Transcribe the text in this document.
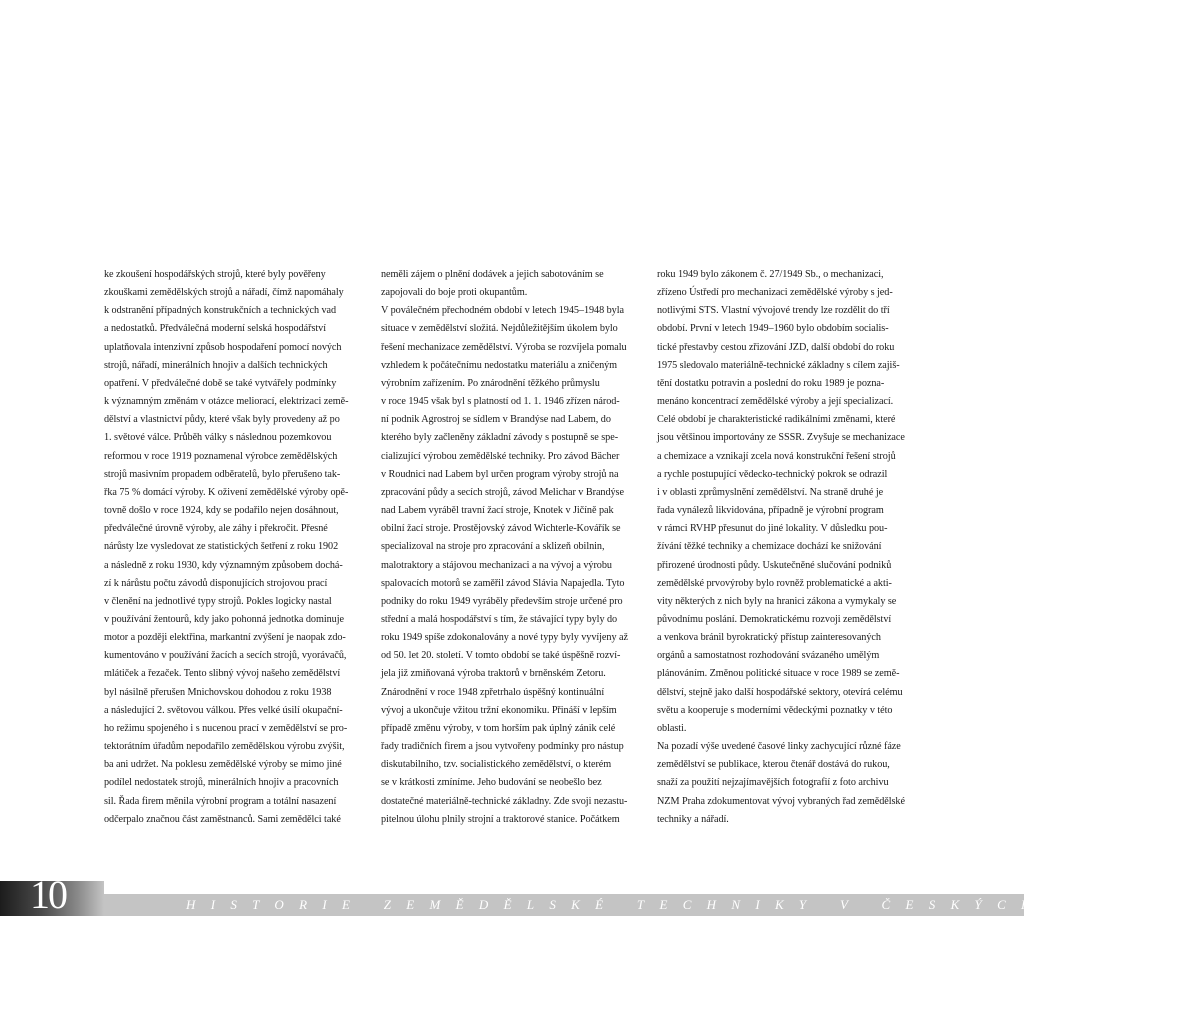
ke zkoušení hospodářských strojů, které byly pověřeny

zkouškami zemědělských strojů a nářadí, čímž napomáhaly

k odstranění případných konstrukčních a technických vad

a nedostatků. Předválečná moderní selská hospodářství

uplatňovala intenzivní způsob hospodaření pomocí nových

strojů, nářadí, minerálních hnojiv a dalších technických

opatření. V předválečné době se také vytvářely podmínky

k významným změnám v otázce meliorací, elektrizaci země-

dělství a vlastnictví půdy, které však byly provedeny až po

1. světové válce. Průběh války s následnou pozemkovou

reformou v roce 1919 poznamenal výrobce zemědělských

strojů masivním propadem odběratelů, bylo přerušeno tak-

řka 75 % domácí výroby. K oživení zemědělské výroby opě-

tovně došlo v roce 1924, kdy se podařilo nejen dosáhnout,

předválečné úrovně výroby, ale záhy i překročit. Přesné

nárůsty lze vysledovat ze statistických šetření z roku 1902

a následně z roku 1930, kdy významným způsobem dochá-

zí k nárůstu počtu závodů disponujících strojovou prací

v členění na jednotlivé typy strojů. Pokles logicky nastal

v používání žentourů, kdy jako pohonná jednotka dominuje

motor a později elektřina, markantní zvýšení je naopak zdo-

kumentováno v používání žacích a secích strojů, vyorávačů,

mlátiček a řezaček. Tento slibný vývoj našeho zemědělství

byl násilně přerušen Mnichovskou dohodou z roku 1938

a následující 2. světovou válkou. Přes velké úsilí okupační-

ho režimu spojeného i s nucenou prací v zemědělství se pro-

tektorátním úřadům nepodařilo zemědělskou výrobu zvýšit,

ba ani udržet. Na poklesu zemědělské výroby se mimo jiné

podílel nedostatek strojů, minerálních hnojiv a pracovních

sil. Řada firem měnila výrobní program a totální nasazení

odčerpalo značnou část zaměstnanců. Sami zemědělci také

neměli zájem o plnění dodávek a jejich sabotováním se

zapojovali do boje proti okupantům.

V poválečném přechodném období v letech 1945–1948 byla

situace v zemědělství složitá. Nejdůležitějším úkolem bylo

řešení mechanizace zemědělství. Výroba se rozvíjela pomalu

vzhledem k počátečnímu nedostatku materiálu a zničeným

výrobním zařízením. Po znárodnění těžkého průmyslu

v roce 1945 však byl s platností od 1. 1. 1946 zřízen národ-

ní podnik Agrostroj se sídlem v Brandýse nad Labem, do

kterého byly začleněny základní závody s postupně se spe-

cializující výrobou zemědělské techniky. Pro závod Bächer

v Roudnici nad Labem byl určen program výroby strojů na

zpracování půdy a secích strojů, závod Melichar v Brandýse

nad Labem vyráběl travní žací stroje, Knotek v Jičíně pak

obilní žací stroje. Prostějovský závod Wichterle-Kovářík se

specializoval na stroje pro zpracování a sklizeň obilnin,

malotraktory a stájovou mechanizaci a na vývoj a výrobu

spalovacích motorů se zaměřil závod Slávia Napajedla. Tyto

podniky do roku 1949 vyráběly především stroje určené pro

střední a malá hospodářství s tím, že stávající typy byly do

roku 1949 spíše zdokonalovány a nové typy byly vyvíjeny až

od 50. let 20. století. V tomto období se také úspěšně rozví-

jela již zmiňovaná výroba traktorů v brněnském Zetoru.

Znárodnění v roce 1948 zpřetrhalo úspěšný kontinuální

vývoj a ukončuje vžitou tržní ekonomiku. Přináší v lepším

případě změnu výroby, v tom horším pak úplný zánik celé

řady tradičních firem a jsou vytvořeny podmínky pro nástup

diskutabilního, tzv. socialistického zemědělství, o kterém

se v krátkosti zmíníme. Jeho budování se neobešlo bez

dostatečné materiálně-technické základny. Zde svoji nezastu-

pitelnou úlohu plnily strojní a traktorové stanice. Počátkem

roku 1949 bylo zákonem č. 27/1949 Sb., o mechanizaci,

zřízeno Ústředí pro mechanizaci zemědělské výroby s jed-

notlivými STS. Vlastní vývojové trendy lze rozdělit do tří

období. První v letech 1949–1960 bylo obdobím socialis-

tické přestavby cestou zřizování JZD, další období do roku

1975 sledovalo materiálně-technické základny s cílem zajiš-

tění dostatku potravin a poslední do roku 1989 je pozna-

menáno koncentrací zemědělské výroby a její specializací.

Celé období je charakteristické radikálními změnami, které

jsou většinou importovány ze SSSR. Zvyšuje se mechanizace

a chemizace a vznikají zcela nová konstrukční řešení strojů

a rychle postupující vědecko-technický pokrok se odrazil

i v oblasti zprůmyslnění zemědělství. Na straně druhé je

řada vynálezů likvidována, případně je výrobní program

v rámci RVHP přesunut do jiné lokality. V důsledku pou-

žívání těžké techniky a chemizace dochází ke snižování

přirozené úrodnosti půdy. Uskutečněné slučování podniků

zemědělské prvovýroby bylo rovněž problematické a akti-

vity některých z nich byly na hranici zákona a vymykaly se

původnímu poslání. Demokratickému rozvoji zemědělství

a venkova bránil byrokratický přístup zainteresovaných

orgánů a samostatnost rozhodování svázaného umělým

plánováním. Změnou politické situace v roce 1989 se země-

dělství, stejně jako další hospodářské sektory, otevírá celému

světu a kooperuje s moderními vědeckými poznatky v této

oblasti.

Na pozadí výše uvedené časové linky zachycující různé fáze

zemědělství se publikace, kterou čtenář dostává do rukou,

snaží za použití nejzajímavějších fotografií z foto archivu

NZM Praha zdokumentovat vývoj vybraných řad zemědělské

techniky a nářadí.

HISTORIE ZEMĚDĚLSKÉ TECHNIKY V ČESKÝCH ZEMÍCH
10
